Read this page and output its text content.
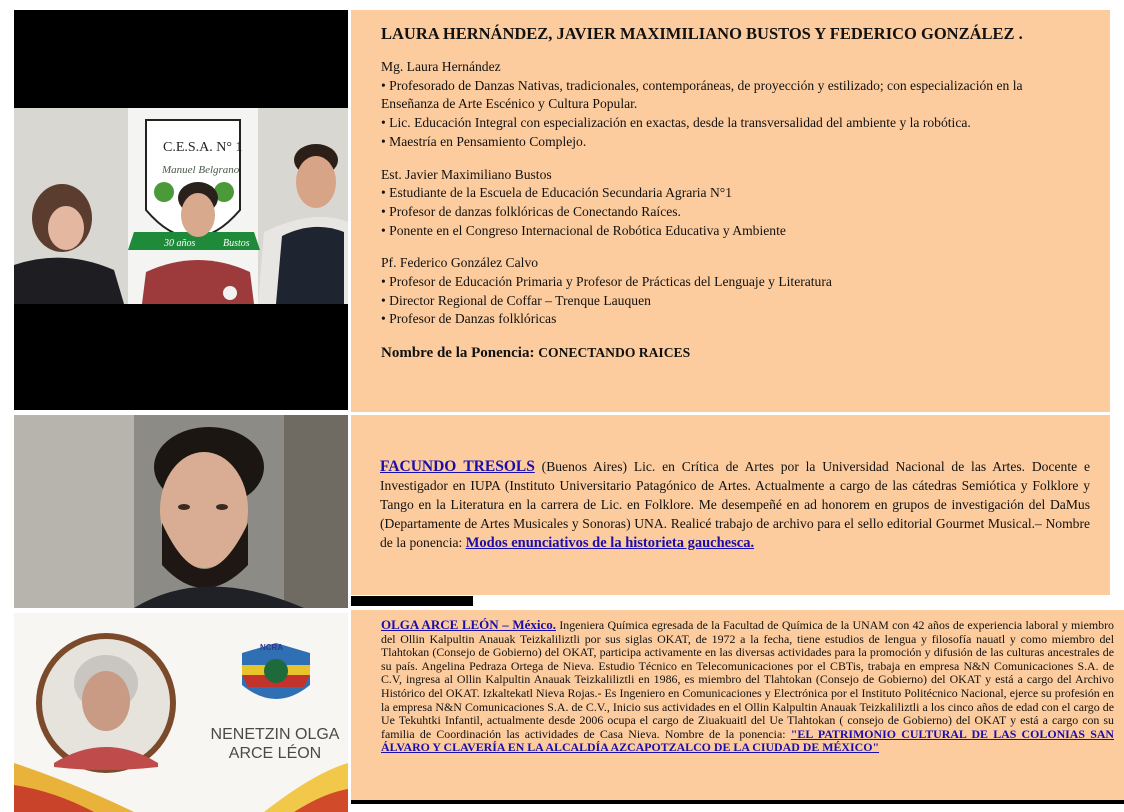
C.E.S.A. N° 1
Manuel Belgrano
30 años	Bustos
LAURA HERNÁNDEZ, JAVIER MAXIMILIANO BUSTOS Y FEDERICO GONZÁLEZ .
Mg. Laura Hernández
• Profesorado de Danzas Nativas, tradicionales, contemporáneas, de proyección y estilizado; con especialización en la Enseñanza de Arte Escénico y Cultura Popular.
• Lic. Educación Integral con especialización en exactas, desde la transversalidad del ambiente y la robótica.
• Maestría en Pensamiento Complejo.
Est. Javier Maximiliano Bustos
• Estudiante de la Escuela de Educación Secundaria Agraria N°1
• Profesor de danzas folklóricas de Conectando Raíces.
• Ponente en el Congreso Internacional de Robótica Educativa y Ambiente
Pf. Federico González Calvo
• Profesor de Educación Primaria y Profesor de Prácticas del Lenguaje y Literatura
• Director Regional de Coffar – Trenque Lauquen
• Profesor de Danzas folklóricas
Nombre de la Ponencia: CONECTANDO RAICES
FACUNDO TRESOLS (Buenos Aires) Lic. en Crítica de Artes por la Universidad Nacional de las Artes. Docente e Investigador en IUPA (Instituto Universitario Patagónico de Artes. Actualmente a cargo de las cátedras Semiótica y Folklore y Tango en la Literatura en la carrera de Lic. en Folklore. Me desempeñé en ad honorem en grupos de investigación del DaMus (Departamente de Artes Musicales y Sonoras) UNA. Realicé trabajo de archivo para el sello editorial Gourmet Musical.– Nombre de la ponencia: Modos enunciativos de la historieta gauchesca.
NCRA
NENETZIN OLGA
ARCE LÉON
OLGA ARCE LEÓN – México. Ingeniera Química egresada de la Facultad de Química de la UNAM con 42 años de experiencia laboral y miembro del Ollin Kalpultin Anauak Teizkaliliztli por sus siglas OKAT, de 1972 a la fecha, tiene estudios de lengua y filosofía nauatl y como miembro del Tlahtokan (Consejo de Gobierno) del OKAT, participa activamente en las diversas actividades para la promoción y difusión de las culturas ancestrales de su país. Angelina Pedraza Ortega de Nieva. Estudio Técnico en Telecomunicaciones por el CBTis, trabaja en empresa N&N Comunicaciones S.A. de C.V, ingresa al Ollin Kalpultin Anauak Teizkaliliztli en 1986, es miembro del Tlahtokan (Consejo de Gobierno) del OKAT y está a cargo del Archivo Histórico del OKAT. Izkaltekatl Nieva Rojas.- Es Ingeniero en Comunicaciones y Electrónica por el Instituto Politécnico Nacional, ejerce su profesión en la empresa N&N Comunicaciones S.A. de C.V., Inicio sus actividades en el Ollin Kalpultin Anauak Teizkaliliztli a los cinco años de edad con el cargo de Ue Tekuhtki Infantil, actualmente desde 2006 ocupa el cargo de Ziuakuaitl del Ue Tlahtokan ( consejo de Gobierno) del OKAT y está a cargo con su familia de Coordinación las actividades de Casa Nieva. Nombre de la ponencia: "EL PATRIMONIO CULTURAL DE LAS COLONIAS SAN ÁLVARO Y CLAVERÍA EN LA ALCALDÍA AZCAPOTZALCO DE LA CIUDAD DE MÉXICO"
